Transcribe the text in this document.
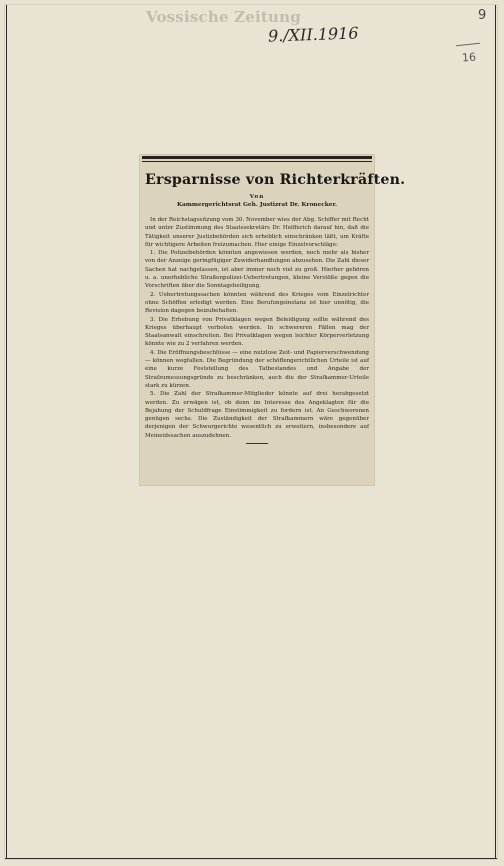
Vossische Zeitung
9./XII.1916
9
16
Ersparnisse von Richterkräften.
Von
Kammergerichtsrat Geh. Justizrat Dr. Kronecker.

In der Reichstagssitzung vom 30. November wies der Abg. Schiffer mit Recht und unter Zustimmung des Staatssekretärs Dr. Helfferich darauf hin, daß die Tätigkeit unserer Justizbehörden sich erheblich einschränken läßt, um Kräfte für wichtigere Arbeiten freizumachen. Hier einige Einzelvorschläge:

1. Die Polizeibehörden könnten angewiesen werden, noch mehr als bisher von der Anzeige geringfügiger Zuwiderhandlungen abzusehen. Die Zahl dieser Sachen hat nachgelassen, ist aber immer noch viel zu groß. Hierher gehören u. a. unerhebliche Straßenpolizei-Uebertretungen, kleine Verstöße gegen die Vorschriften über die Sonntagsheiligung.

2. Uebertretungssachen könnten während des Krieges vom Einzelrichter ohne Schöffen erledigt werden. Eine Berufungsinstanz ist hier unnötig, die Revision dagegen beizubehalten.

3. Die Erhebung von Privatklagen wegen Beleidigung sollte während des Krieges überhaupt verboten werden. In schwereren Fällen mag der Staatsanwalt einschreiten. Bei Privatklagen wegen leichter Körperverletzung könnte wie zu 2 verfahren werden.

4. Die Eröffnungsbeschlüsse — eine nutzlose Zeit- und Papierverschwendung — können wegfallen. Die Begründung der schöffengerichtlichen Urteile ist auf eine kurze Feststellung des Tatbestandes und Angabe der Strafzumessungsgründe zu beschränken, auch die der Strafkammer-Urteile stark zu kürzen.

5. Die Zahl der Strafkammer-Mitglieder könnte auf drei herabgesetzt werden. Zu erwägen ist, ob denn im Interesse des Angeklagten für die Bejahung der Schuldfrage Einstimmigkeit zu fordern ist. An Geschworenen genügen sechs. Die Zuständigkeit der Strafkammern wäre gegenüber derjenigen der Schwurgerichte wesentlich zu erweitern, insbesondere auf Meineidssachen auszudehnen.
